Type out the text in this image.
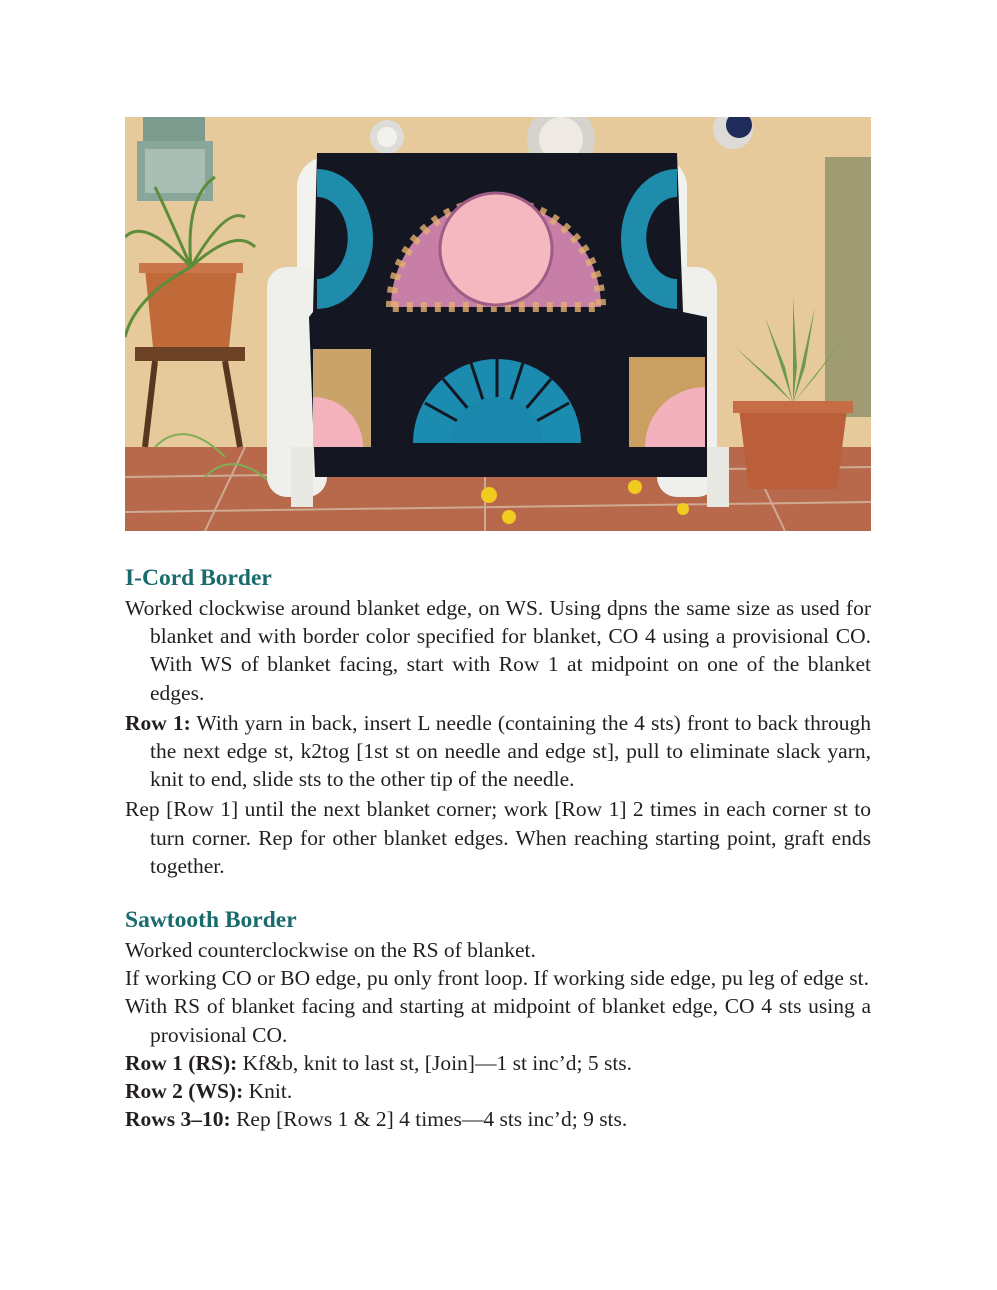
I-Cord Border

Worked clockwise around blanket edge, on WS. Using dpns the same size as used for blanket and with border color specified for blanket, CO 4 using a provisional CO. With WS of blanket facing, start with Row 1 at midpoint on one of the blanket edges.

Row 1: With yarn in back, insert L needle (containing the 4 sts) front to back through the next edge st, k2tog [1st st on needle and edge st], pull to eliminate slack yarn, knit to end, slide sts to the other tip of the needle.

Rep [Row 1] until the next blanket corner; work [Row 1] 2 times in each corner st to turn corner. Rep for other blanket edges. When reaching starting point, graft ends together.

Sawtooth Border

Worked counterclockwise on the RS of blanket.

If working CO or BO edge, pu only front loop. If working side edge, pu leg of edge st.

With RS of blanket facing and starting at midpoint of blanket edge, CO 4 sts using a provisional CO.

Row 1 (RS): Kf&b, knit to last st, [Join]—1 st inc’d; 5 sts.

Row 2 (WS): Knit.

Rows 3–10: Rep [Rows 1 & 2] 4 times—4 sts inc’d; 9 sts.
